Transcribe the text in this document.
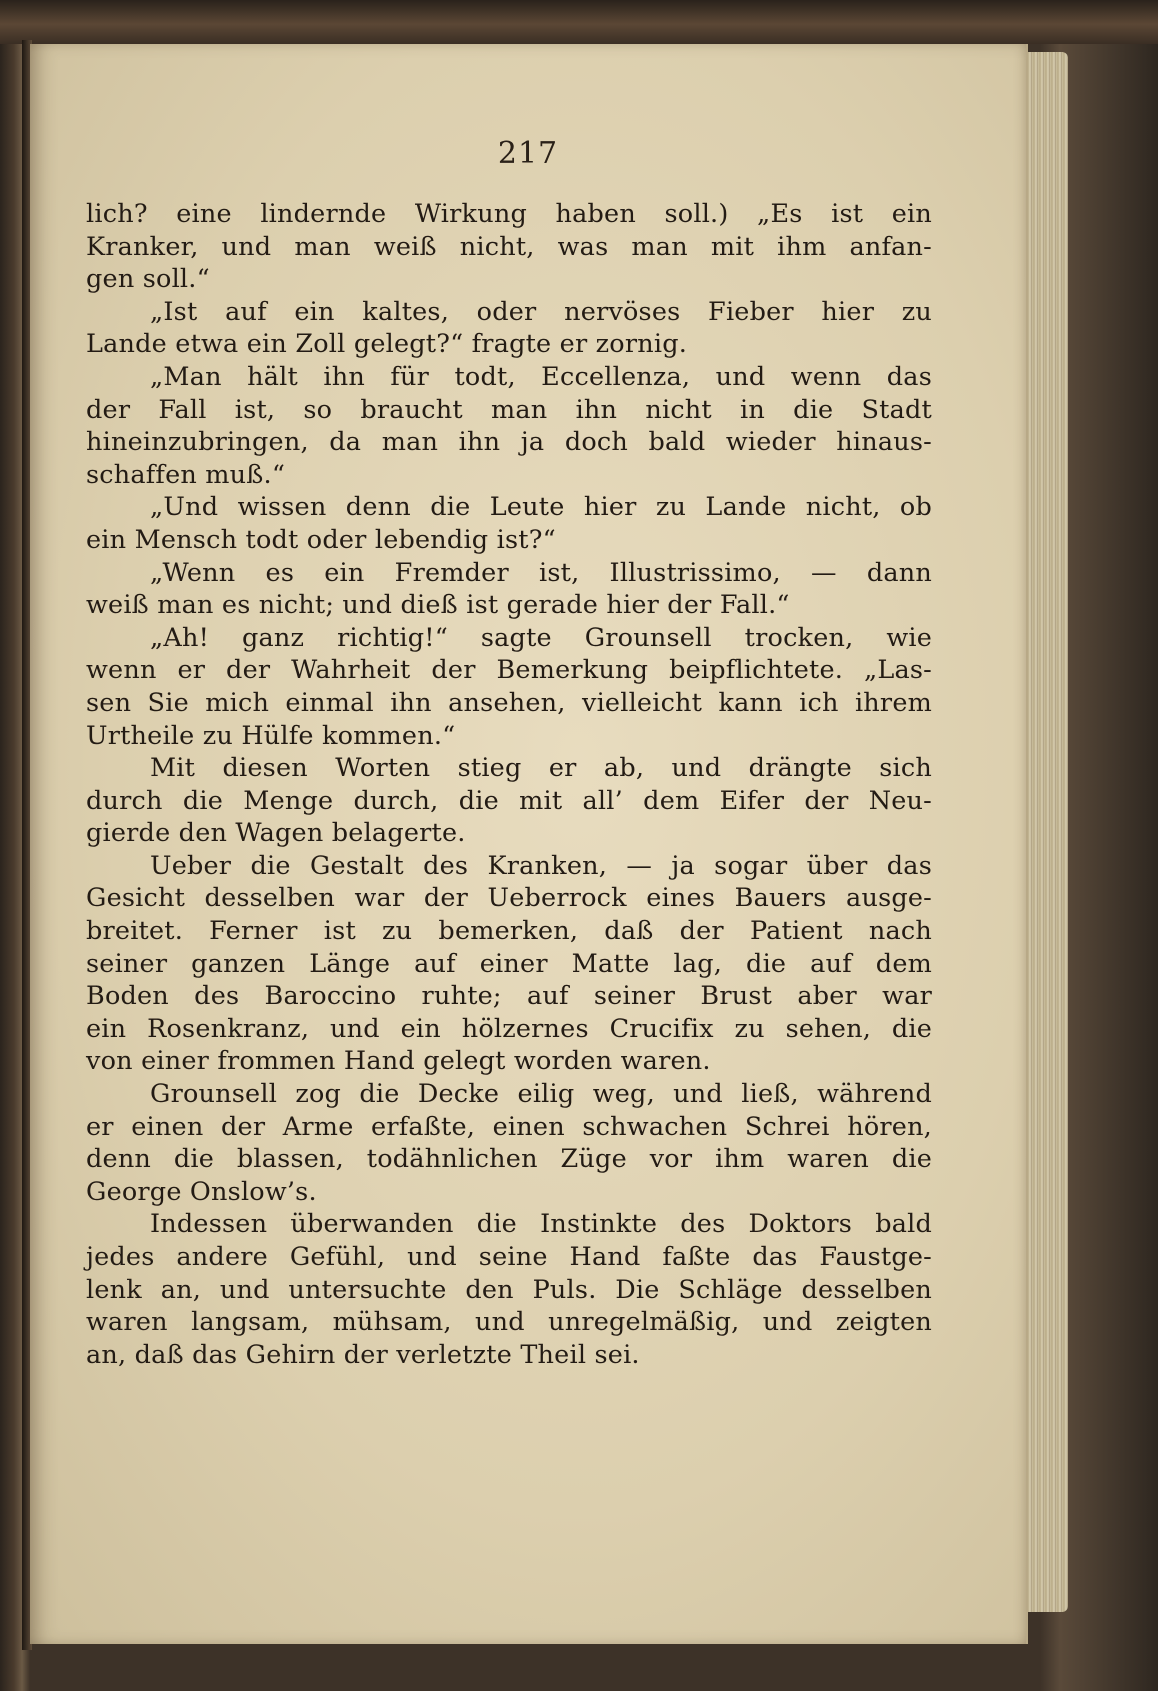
217
lich? eine lindernde Wirkung haben soll.) „Es ist ein
Kranker, und man weiß nicht, was man mit ihm anfan-
gen soll.“
„Ist auf ein kaltes, oder nervöses Fieber hier zu
Lande etwa ein Zoll gelegt?“ fragte er zornig.
„Man hält ihn für todt, Eccellenza, und wenn das
der Fall ist, so braucht man ihn nicht in die Stadt
hineinzubringen, da man ihn ja doch bald wieder hinaus-
schaffen muß.“
„Und wissen denn die Leute hier zu Lande nicht, ob
ein Mensch todt oder lebendig ist?“
„Wenn es ein Fremder ist, Illustrissimo, — dann
weiß man es nicht; und dieß ist gerade hier der Fall.“
„Ah! ganz richtig!“ sagte Grounsell trocken, wie
wenn er der Wahrheit der Bemerkung beipflichtete. „Las-
sen Sie mich einmal ihn ansehen, vielleicht kann ich ihrem
Urtheile zu Hülfe kommen.“
Mit diesen Worten stieg er ab, und drängte sich
durch die Menge durch, die mit all’ dem Eifer der Neu-
gierde den Wagen belagerte.
Ueber die Gestalt des Kranken, — ja sogar über das
Gesicht desselben war der Ueberrock eines Bauers ausge-
breitet. Ferner ist zu bemerken, daß der Patient nach
seiner ganzen Länge auf einer Matte lag, die auf dem
Boden des Baroccino ruhte; auf seiner Brust aber war
ein Rosenkranz, und ein hölzernes Crucifix zu sehen, die
von einer frommen Hand gelegt worden waren.
Grounsell zog die Decke eilig weg, und ließ, während
er einen der Arme erfaßte, einen schwachen Schrei hören,
denn die blassen, todähnlichen Züge vor ihm waren die
George Onslow’s.
Indessen überwanden die Instinkte des Doktors bald
jedes andere Gefühl, und seine Hand faßte das Faustge-
lenk an, und untersuchte den Puls. Die Schläge desselben
waren langsam, mühsam, und unregelmäßig, und zeigten
an, daß das Gehirn der verletzte Theil sei.
